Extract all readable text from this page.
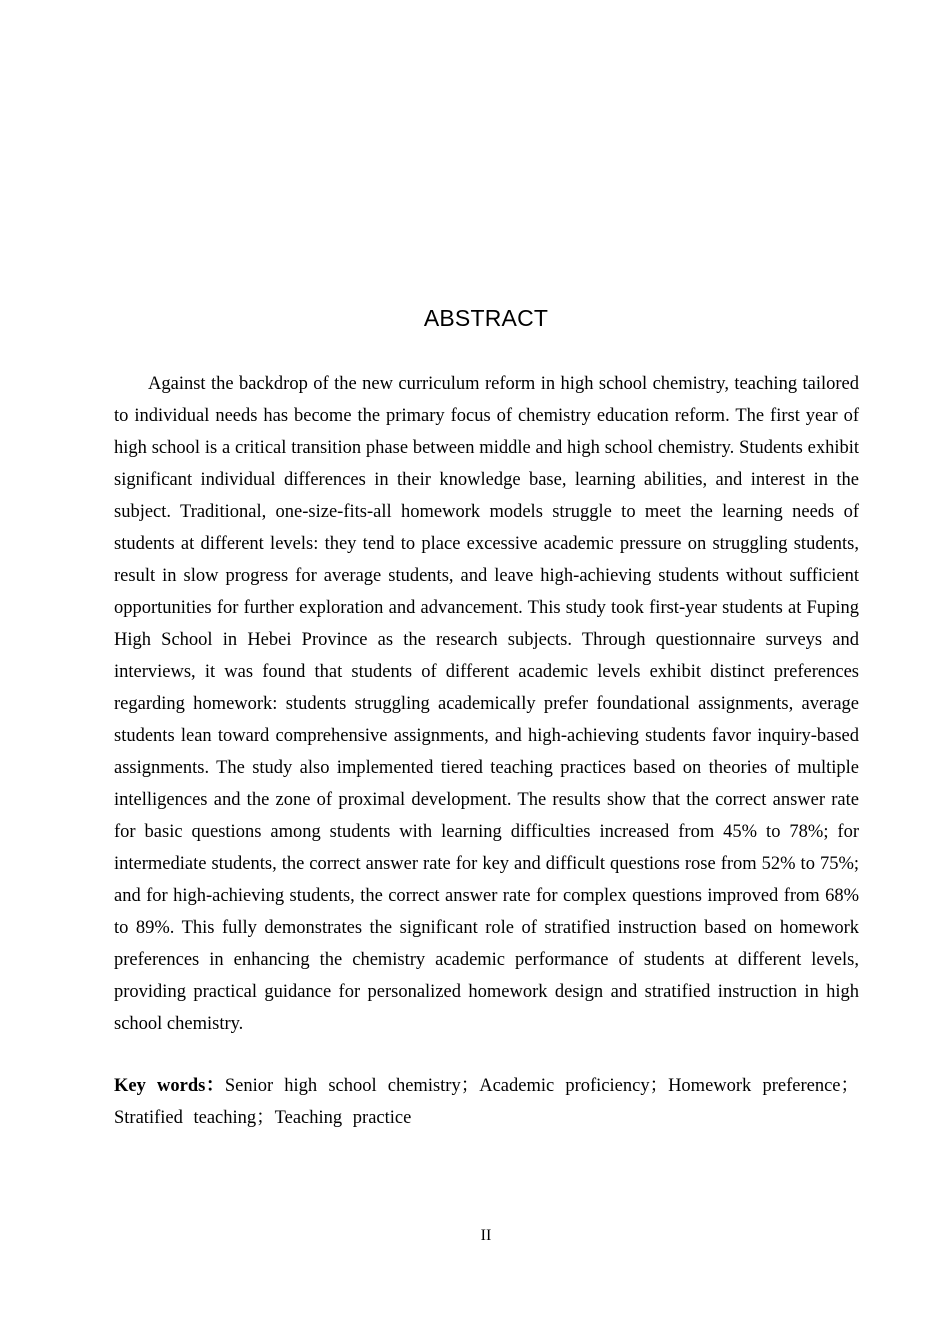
ABSTRACT

Against the backdrop of the new curriculum reform in high school chemistry, teaching tailored to individual needs has become the primary focus of chemistry education reform. The first year of high school is a critical transition phase between middle and high school chemistry. Students exhibit significant individual differences in their knowledge base, learning abilities, and interest in the subject. Traditional, one-size-fits-all homework models struggle to meet the learning needs of students at different levels: they tend to place excessive academic pressure on struggling students, result in slow progress for average students, and leave high-achieving students without sufficient opportunities for further exploration and advancement. This study took first-year students at Fuping High School in Hebei Province as the research subjects. Through questionnaire surveys and interviews, it was found that students of different academic levels exhibit distinct preferences regarding homework: students struggling academically prefer foundational assignments, average students lean toward comprehensive assignments, and high-achieving students favor inquiry-based assignments. The study also implemented tiered teaching practices based on theories of multiple intelligences and the zone of proximal development. The results show that the correct answer rate for basic questions among students with learning difficulties increased from 45% to 78%; for intermediate students, the correct answer rate for key and difficult questions rose from 52% to 75%; and for high-achieving students, the correct answer rate for complex questions improved from 68% to 89%. This fully demonstrates the significant role of stratified instruction based on homework preferences in enhancing the chemistry academic performance of students at different levels, providing practical guidance for personalized homework design and stratified instruction in high school chemistry.

Key words：Senior high school chemistry；Academic proficiency；Homework preference；Stratified teaching；Teaching practice

II
